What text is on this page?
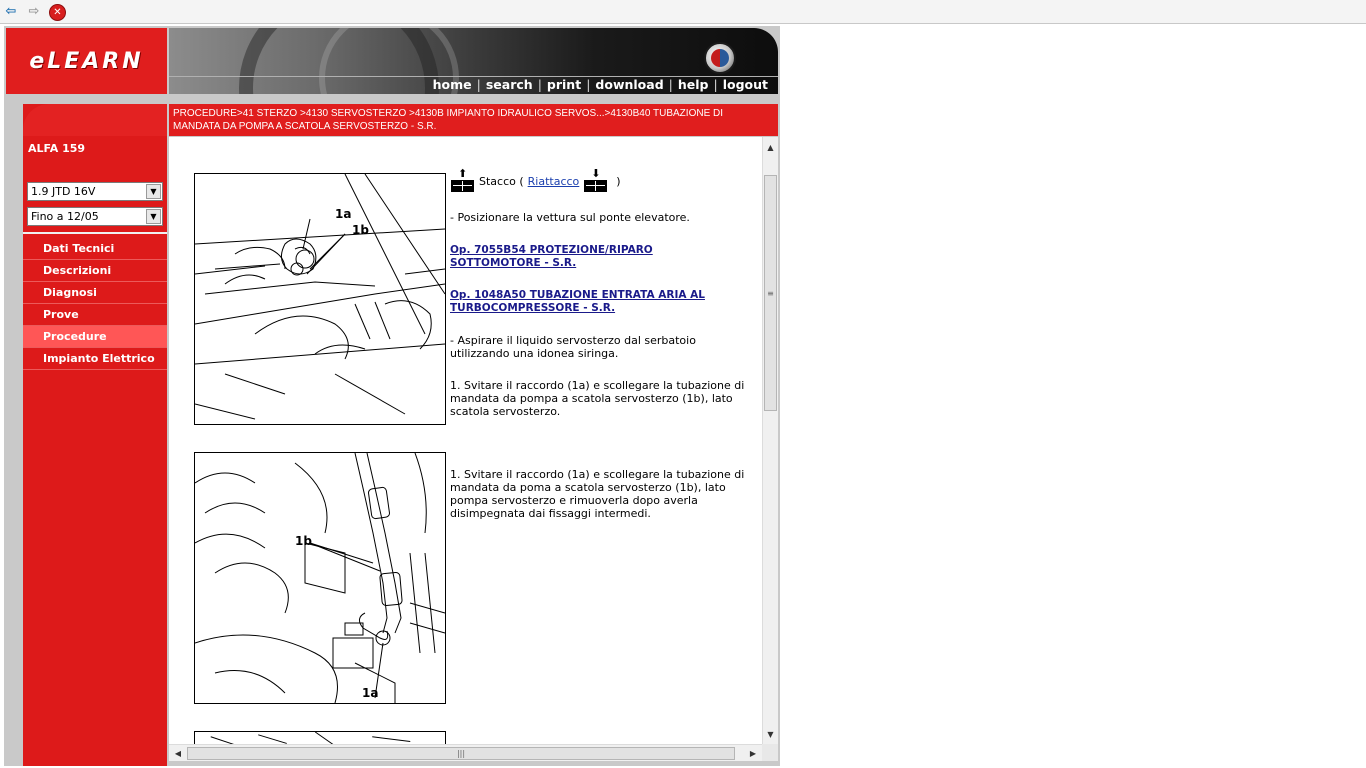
⇦ ⇨	✕
eLEARN
home | search | print | download | help | logout
ALFA 159
1.9 JTD 16V	▼
Fino a 12/05	▼
Dati Tecnici
Descrizioni
Diagnosi
Prove
Procedure
Impianto Elettrico
PROCEDURE>41 STERZO >4130 SERVOSTERZO >4130B IMPIANTO IDRAULICO SERVOS...>4130B40 TUBAZIONE DI
MANDATA DA POMPA A SCATOLA SERVOSTERZO - S.R.
1a
1b
1b
1a
⬆
Stacco ( Riattacco
⬇
)
- Posizionare la vettura sul ponte elevatore.
Op. 7055B54 PROTEZIONE/RIPARO SOTTOMOTORE - S.R.
Op. 1048A50 TUBAZIONE ENTRATA ARIA AL TURBOCOMPRESSORE - S.R.
- Aspirare il liquido servosterzo dal serbatoio utilizzando una idonea siringa.
1. Svitare il raccordo (1a) e scollegare la tubazione di mandata da pompa a scatola servosterzo (1b), lato scatola servosterzo.
1. Svitare il raccordo (1a) e scollegare la tubazione di mandata da poma a scatola servosterzo (1b), lato pompa servosterzo e rimuoverla dopo averla disimpegnata dai fissaggi intermedi.
▲
≡
▼
◀	|||	▶
